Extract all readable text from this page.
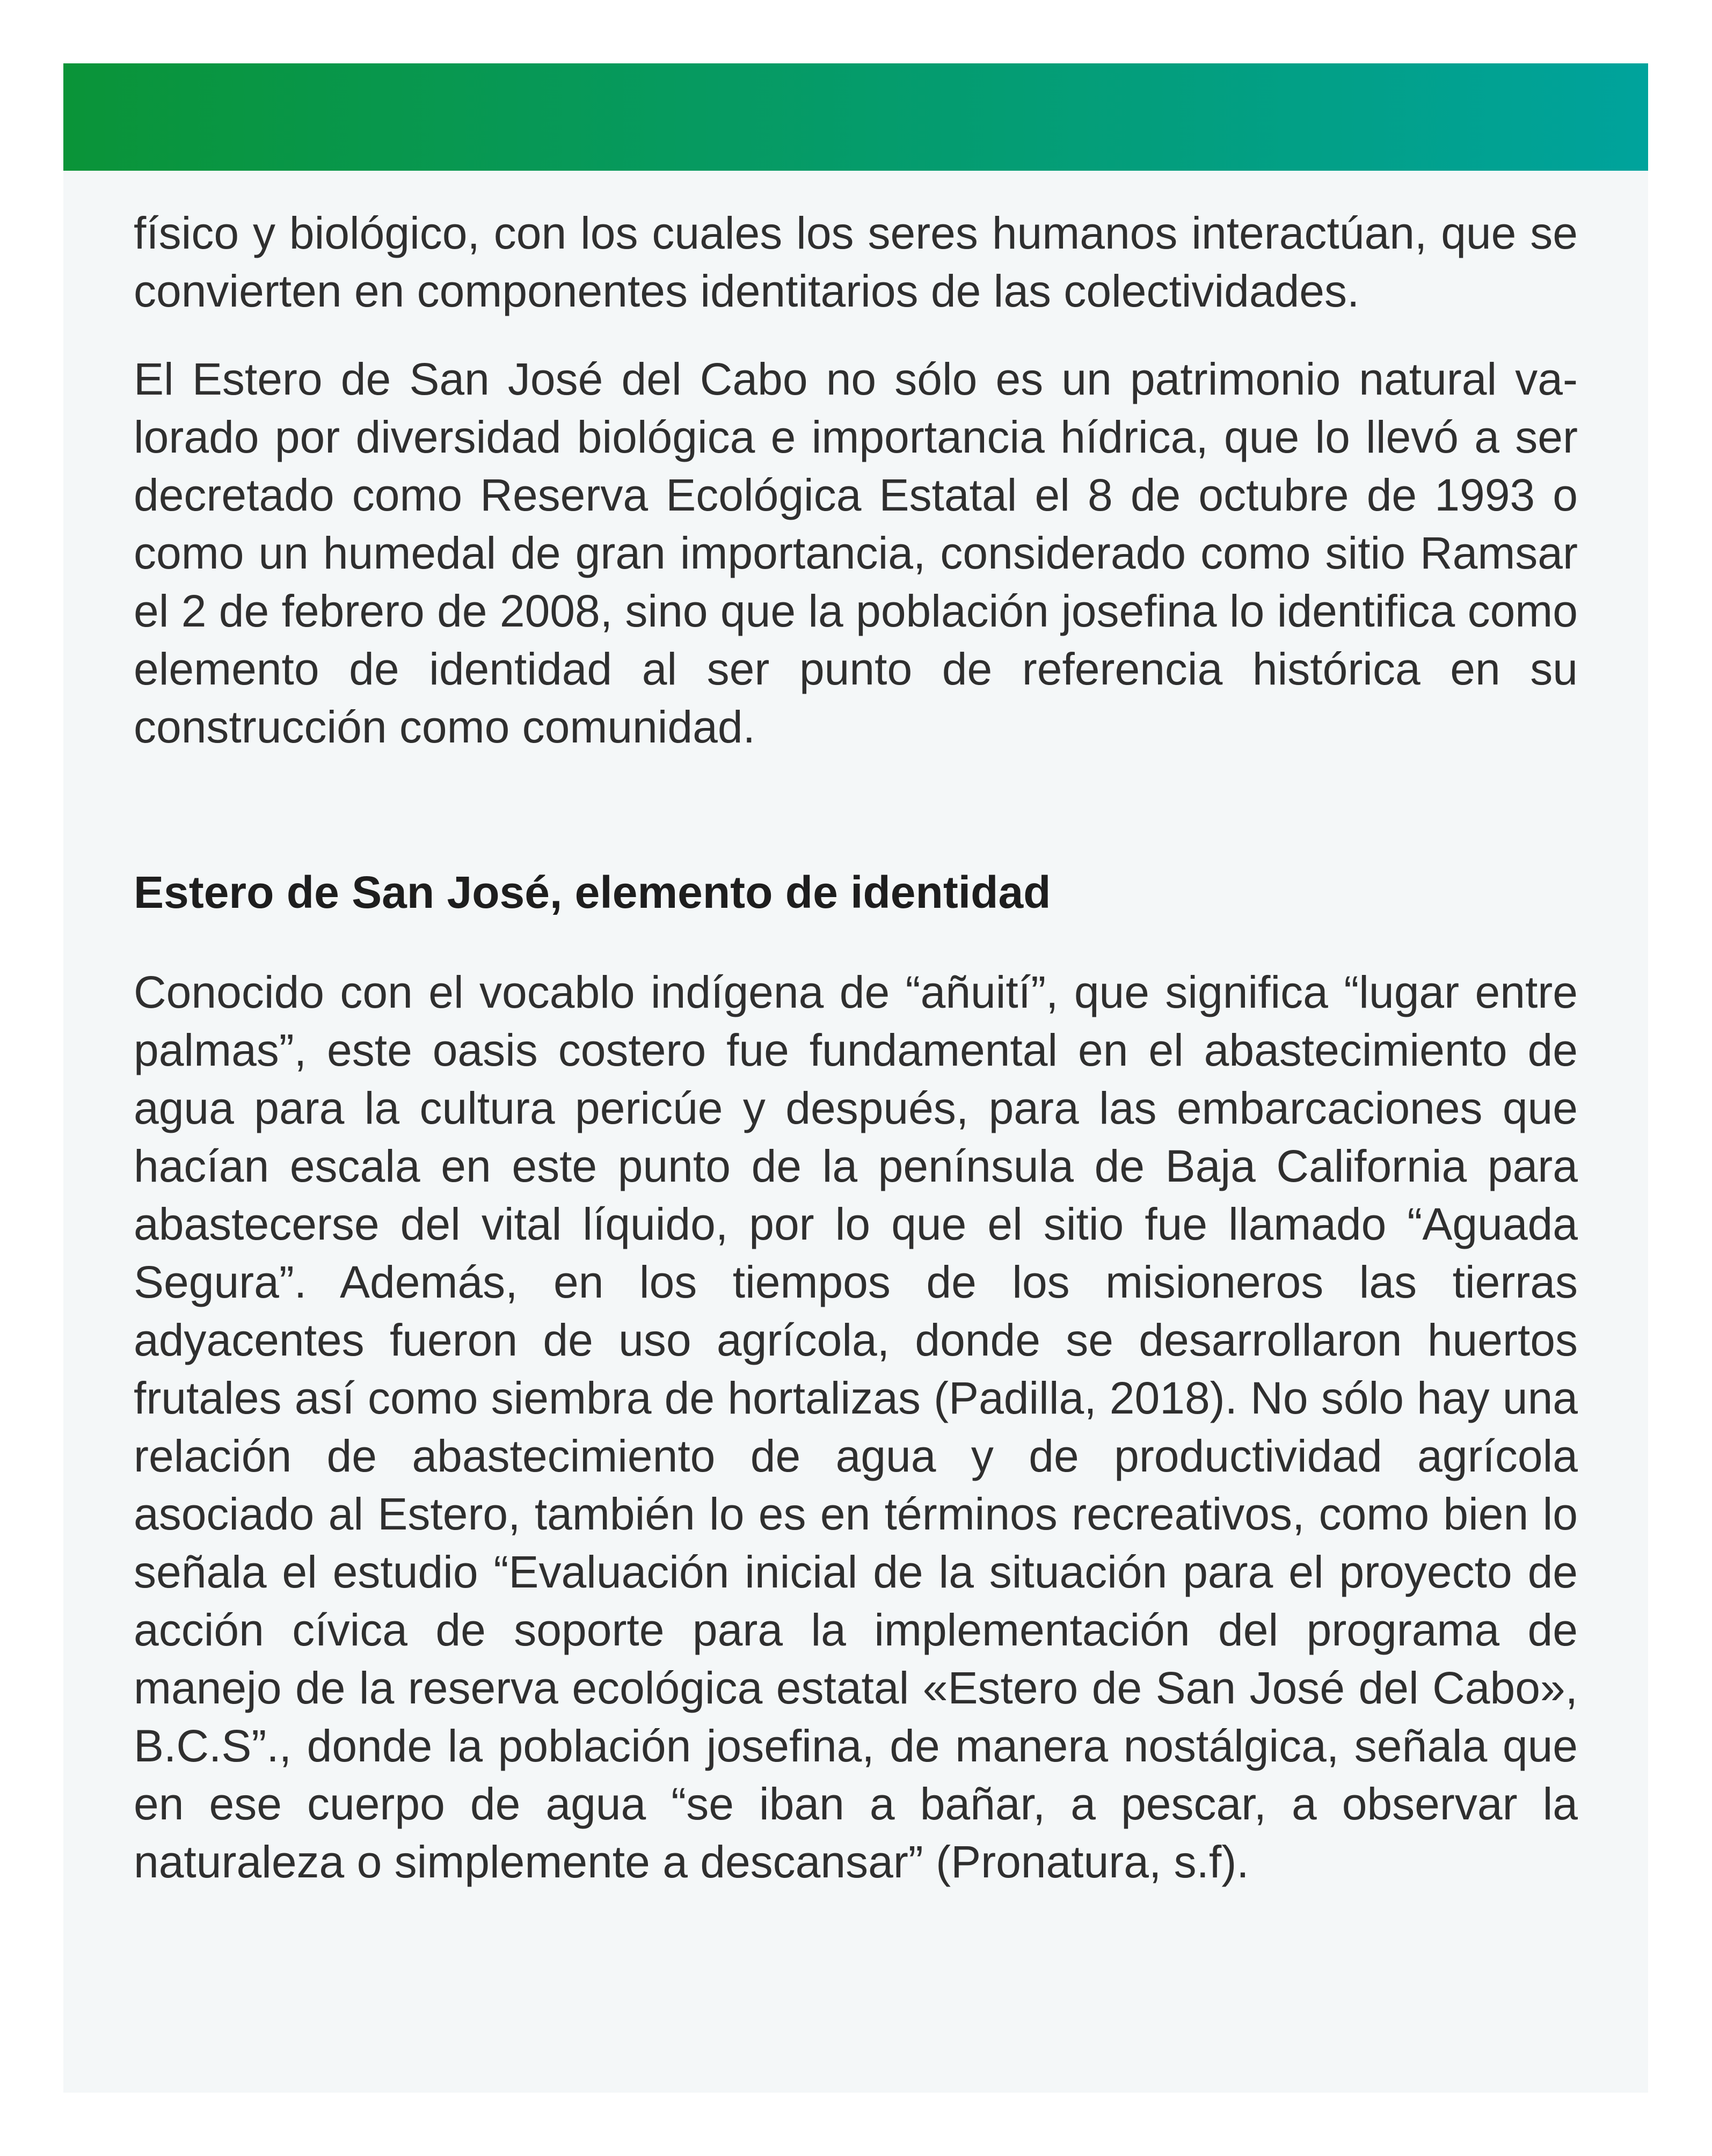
físico y biológico, con los cuales los seres humanos interactúan, que se convierten en componentes identitarios de las colectividades.

El Estero de San José del Cabo no sólo es un patrimonio natural valorado por diversidad biológica e importancia hídrica, que lo llevó a ser decretado como Reserva Ecológica Estatal el 8 de octubre de 1993 o como un humedal de gran importancia, considerado como sitio Ramsar el 2 de febrero de 2008, sino que la población josefina lo identifica como elemento de identidad al ser punto de referencia histórica en su construcción como comunidad.

Estero de San José, elemento de identidad

Conocido con el vocablo indígena de “añuití”, que significa “lugar entre palmas”, este oasis costero fue fundamental en el abastecimiento de agua para la cultura pericúe y después, para las embarcaciones que hacían escala en este punto de la península de Baja California para abastecerse del vital líquido, por lo que el sitio fue llamado “Aguada Segura”. Además, en los tiempos de los misioneros las tierras adyacentes fueron de uso agrícola, donde se desarrollaron huertos frutales así como siembra de hortalizas (Padilla, 2018). No sólo hay una relación de abastecimiento de agua y de productividad agrícola asociado al Estero, también lo es en términos recreativos, como bien lo señala el estudio “Evaluación inicial de la situación para el proyecto de acción cívica de soporte para la implementación del programa de manejo de la reserva ecológica estatal «Estero de San José del Cabo», B.C.S”., donde la población josefina, de manera nostálgica, señala que en ese cuerpo de agua “se iban a bañar, a pescar, a observar la naturaleza o simplemente a descansar” (Pronatura, s.f).
